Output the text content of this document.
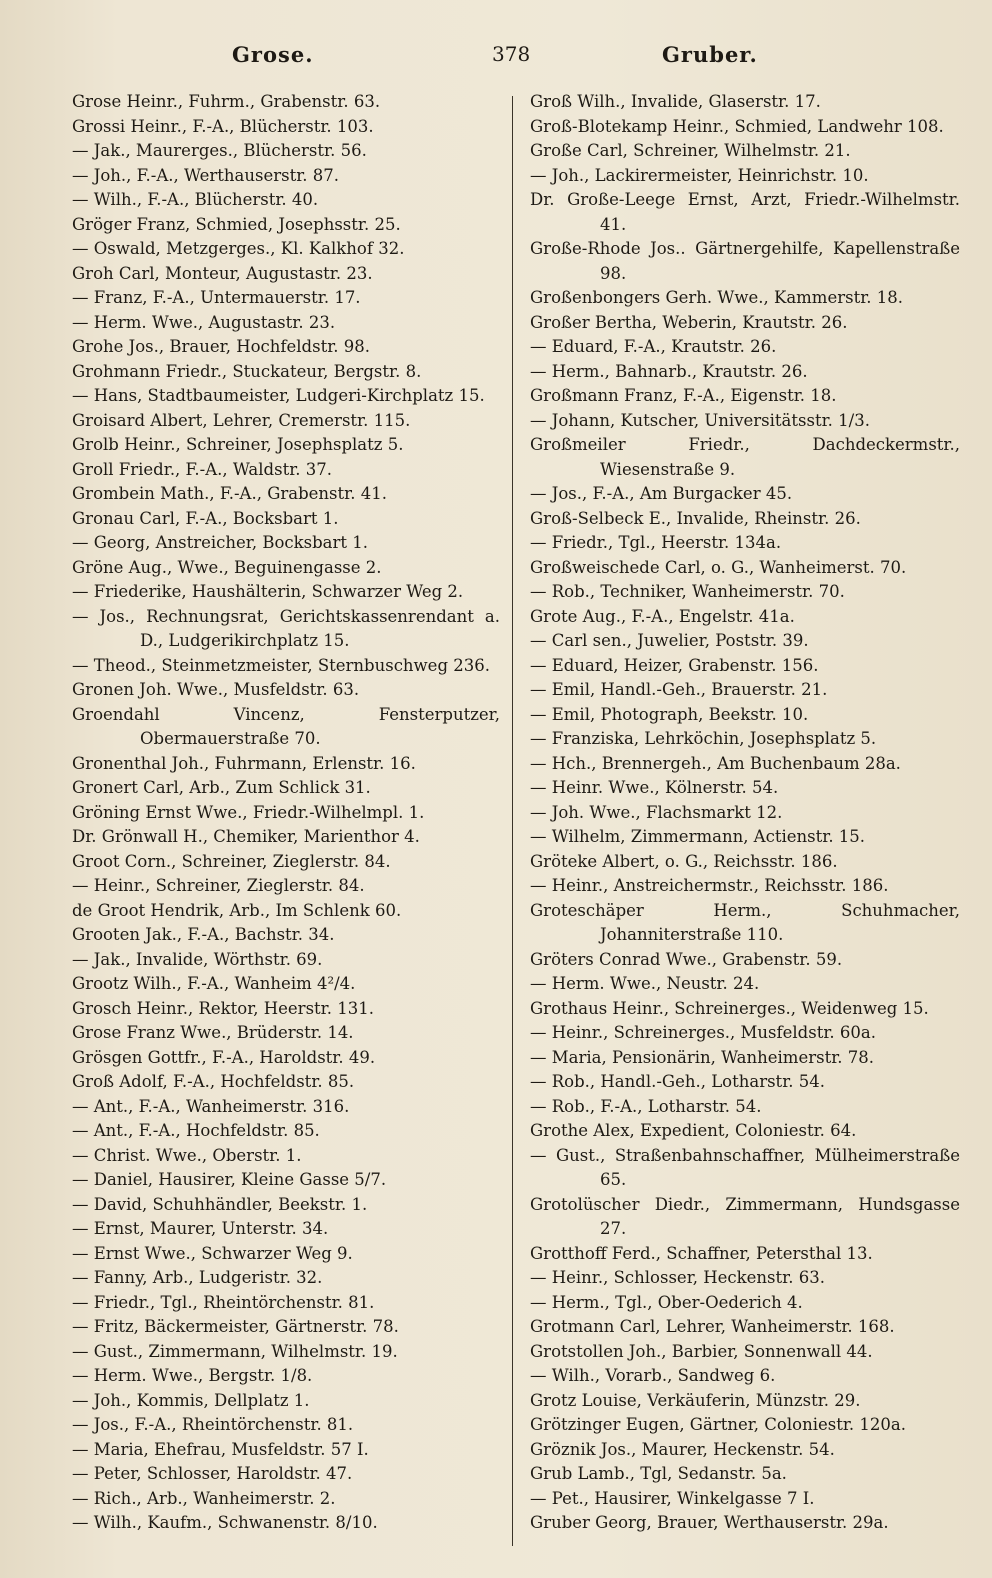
Grose.	378	Gruber.
Grose Heinr., Fuhrm., Grabenstr. 63.
Grossi Heinr., F.-A., Blücherstr. 103.
— Jak., Maurerges., Blücherstr. 56.
— Joh., F.-A., Werthauserstr. 87.
— Wilh., F.-A., Blücherstr. 40.
Gröger Franz, Schmied, Josephsstr. 25.
— Oswald, Metzgerges., Kl. Kalkhof 32.
Groh Carl, Monteur, Augustastr. 23.
— Franz, F.-A., Untermauerstr. 17.
— Herm. Wwe., Augustastr. 23.
Grohe Jos., Brauer, Hochfeldstr. 98.
Grohmann Friedr., Stuckateur, Bergstr. 8.
— Hans, Stadtbaumeister, Ludgeri-Kirchplatz 15.
Groisard Albert, Lehrer, Cremerstr. 115.
Grolb Heinr., Schreiner, Josephsplatz 5.
Groll Friedr., F.-A., Waldstr. 37.
Grombein Math., F.-A., Grabenstr. 41.
Gronau Carl, F.-A., Bocksbart 1.
— Georg, Anstreicher, Bocksbart 1.
Gröne Aug., Wwe., Beguinengasse 2.
— Friederike, Haushälterin, Schwarzer Weg 2.
— Jos., Rechnungsrat, Gerichtskassenrendant a. D., Ludgerikirchplatz 15.
— Theod., Steinmetzmeister, Sternbuschweg 236.
Gronen Joh. Wwe., Musfeldstr. 63.
Groendahl Vincenz, Fensterputzer, Obermauerstraße 70.
Gronenthal Joh., Fuhrmann, Erlenstr. 16.
Gronert Carl, Arb., Zum Schlick 31.
Gröning Ernst Wwe., Friedr.-Wilhelmpl. 1.
Dr. Grönwall H., Chemiker, Marienthor 4.
Groot Corn., Schreiner, Zieglerstr. 84.
— Heinr., Schreiner, Zieglerstr. 84.
de Groot Hendrik, Arb., Im Schlenk 60.
Grooten Jak., F.-A., Bachstr. 34.
— Jak., Invalide, Wörthstr. 69.
Grootz Wilh., F.-A., Wanheim 4²/4.
Grosch Heinr., Rektor, Heerstr. 131.
Grose Franz Wwe., Brüderstr. 14.
Grösgen Gottfr., F.-A., Haroldstr. 49.
Groß Adolf, F.-A., Hochfeldstr. 85.
— Ant., F.-A., Wanheimerstr. 316.
— Ant., F.-A., Hochfeldstr. 85.
— Christ. Wwe., Oberstr. 1.
— Daniel, Hausirer, Kleine Gasse 5/7.
— David, Schuhhändler, Beekstr. 1.
— Ernst, Maurer, Unterstr. 34.
— Ernst Wwe., Schwarzer Weg 9.
— Fanny, Arb., Ludgeristr. 32.
— Friedr., Tgl., Rheintörchenstr. 81.
— Fritz, Bäckermeister, Gärtnerstr. 78.
— Gust., Zimmermann, Wilhelmstr. 19.
— Herm. Wwe., Bergstr. 1/8.
— Joh., Kommis, Dellplatz 1.
— Jos., F.-A., Rheintörchenstr. 81.
— Maria, Ehefrau, Musfeldstr. 57 I.
— Peter, Schlosser, Haroldstr. 47.
— Rich., Arb., Wanheimerstr. 2.
— Wilh., Kaufm., Schwanenstr. 8/10.
Groß Wilh., Invalide, Glaserstr. 17.
Groß-Blotekamp Heinr., Schmied, Landwehr 108.
Große Carl, Schreiner, Wilhelmstr. 21.
— Joh., Lackirermeister, Heinrichstr. 10.
Dr. Große-Leege Ernst, Arzt, Friedr.-Wilhelmstr. 41.
Große-Rhode Jos.. Gärtnergehilfe, Kapellenstraße 98.
Großenbongers Gerh. Wwe., Kammerstr. 18.
Großer Bertha, Weberin, Krautstr. 26.
— Eduard, F.-A., Krautstr. 26.
— Herm., Bahnarb., Krautstr. 26.
Großmann Franz, F.-A., Eigenstr. 18.
— Johann, Kutscher, Universitätsstr. 1/3.
Großmeiler Friedr., Dachdeckermstr., Wiesenstraße 9.
— Jos., F.-A., Am Burgacker 45.
Groß-Selbeck E., Invalide, Rheinstr. 26.
— Friedr., Tgl., Heerstr. 134a.
Großweischede Carl, o. G., Wanheimerst. 70.
— Rob., Techniker, Wanheimerstr. 70.
Grote Aug., F.-A., Engelstr. 41a.
— Carl sen., Juwelier, Poststr. 39.
— Eduard, Heizer, Grabenstr. 156.
— Emil, Handl.-Geh., Brauerstr. 21.
— Emil, Photograph, Beekstr. 10.
— Franziska, Lehrköchin, Josephsplatz 5.
— Hch., Brennergeh., Am Buchenbaum 28a.
— Heinr. Wwe., Kölnerstr. 54.
— Joh. Wwe., Flachsmarkt 12.
— Wilhelm, Zimmermann, Actienstr. 15.
Gröteke Albert, o. G., Reichsstr. 186.
— Heinr., Anstreichermstr., Reichsstr. 186.
Groteschäper Herm., Schuhmacher, Johanniterstraße 110.
Gröters Conrad Wwe., Grabenstr. 59.
— Herm. Wwe., Neustr. 24.
Grothaus Heinr., Schreinerges., Weidenweg 15.
— Heinr., Schreinerges., Musfeldstr. 60a.
— Maria, Pensionärin, Wanheimerstr. 78.
— Rob., Handl.-Geh., Lotharstr. 54.
— Rob., F.-A., Lotharstr. 54.
Grothe Alex, Expedient, Coloniestr. 64.
— Gust., Straßenbahnschaffner, Mülheimerstraße 65.
Grotolüscher Diedr., Zimmermann, Hundsgasse 27.
Grotthoff Ferd., Schaffner, Petersthal 13.
— Heinr., Schlosser, Heckenstr. 63.
— Herm., Tgl., Ober-Oederich 4.
Grotmann Carl, Lehrer, Wanheimerstr. 168.
Grotstollen Joh., Barbier, Sonnenwall 44.
— Wilh., Vorarb., Sandweg 6.
Grotz Louise, Verkäuferin, Münzstr. 29.
Grötzinger Eugen, Gärtner, Coloniestr. 120a.
Gröznik Jos., Maurer, Heckenstr. 54.
Grub Lamb., Tgl, Sedanstr. 5a.
— Pet., Hausirer, Winkelgasse 7 I.
Gruber Georg, Brauer, Werthauserstr. 29a.
